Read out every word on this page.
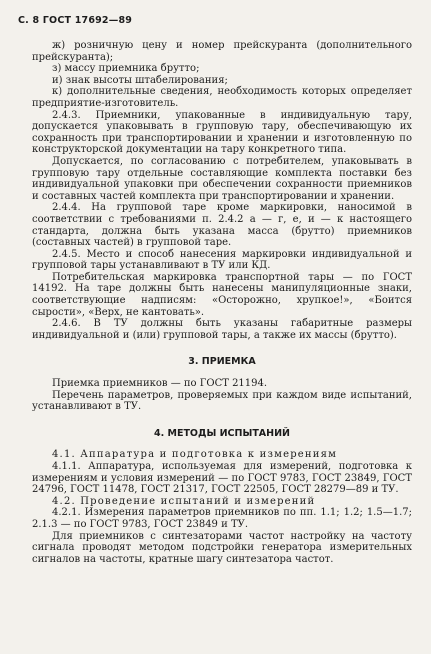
С. 8 ГОСТ 17692—89

ж) розничную цену и номер прейскуранта (дополнительного прейскуранта);

з) массу приемника брутто;

и) знак высоты штабелирования;

к) дополнительные сведения, необходимость которых определяет предприятие-изготовитель.

2.4.3. Приемники, упакованные в индивидуальную тару, допускается упаковывать в групповую тару, обеспечивающую их сохранность при транспортировании и хранении и изготовленную по конструкторской документации на тару конкретного типа.

Допускается, по согласованию с потребителем, упаковывать в групповую тару отдельные составляющие комплекта поставки без индивидуальной упаковки при обеспечении сохранности приемников и составных частей комплекта при транспортировании и хранении.

2.4.4. На групповой таре кроме маркировки, наносимой в соответствии с требованиями п. 2.4.2 а — г, е, и — к настоящего стандарта, должна быть указана масса (брутто) приемников (составных частей) в групповой таре.

2.4.5. Место и способ нанесения маркировки индивидуальной и групповой тары устанавливают в ТУ или КД.

Потребительская маркировка транспортной тары — по ГОСТ 14192. На таре должны быть нанесены манипуляционные знаки, соответствующие надписям: «Осторожно, хрупкое!», «Боится сырости», «Верх, не кантовать».

2.4.6. В ТУ должны быть указаны габаритные размеры индивидуальной и (или) групповой тары, а также их массы (брутто).

3. ПРИЕМКА

Приемка приемников — по ГОСТ 21194.

Перечень параметров, проверяемых при каждом виде испытаний, устанавливают в ТУ.

4. МЕТОДЫ ИСПЫТАНИЙ

4.1. Аппаратура и подготовка к измерениям

4.1.1. Аппаратура, используемая для измерений, подготовка к измерениям и условия измерений — по ГОСТ 9783, ГОСТ 23849, ГОСТ 24796, ГОСТ 11478, ГОСТ 21317, ГОСТ 22505, ГОСТ 28279—89 и ТУ.

4.2. Проведение испытаний и измерений

4.2.1. Измерения параметров приемников по пп. 1.1; 1.2; 1.5—1.7; 2.1.3 — по ГОСТ 9783, ГОСТ 23849 и ТУ.

Для приемников с синтезаторами частот настройку на частоту сигнала проводят методом подстройки генератора измерительных сигналов на частоты, кратные шагу синтезатора частот.
